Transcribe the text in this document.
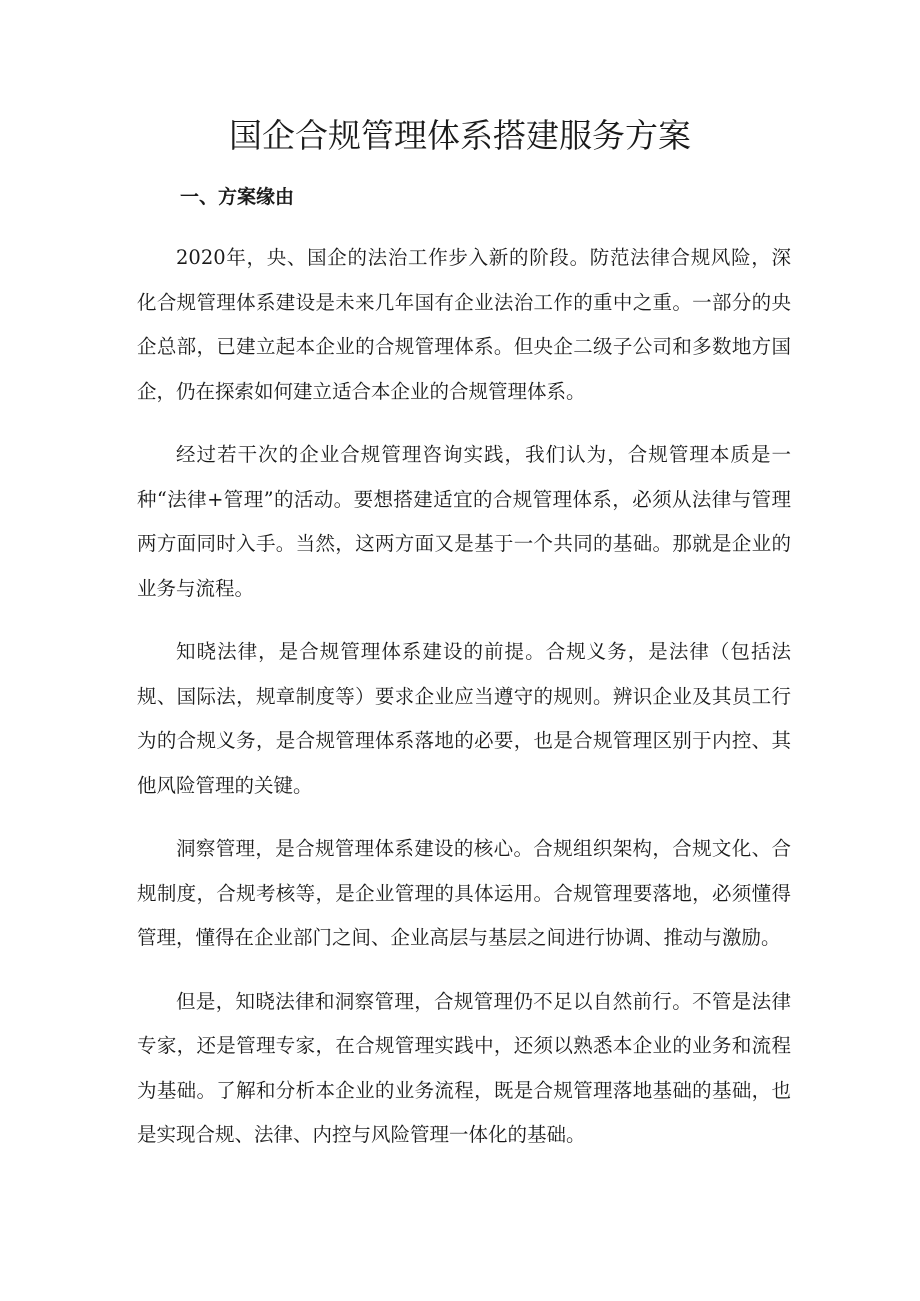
国企合规管理体系搭建服务方案
一、方案缘由

2020年，央、国企的法治工作步入新的阶段。防范法律合规风险，深化合规管理体系建设是未来几年国有企业法治工作的重中之重。一部分的央企总部，已建立起本企业的合规管理体系。但央企二级子公司和多数地方国企，仍在探索如何建立适合本企业的合规管理体系。

经过若干次的企业合规管理咨询实践，我们认为，合规管理本质是一种“法律+管理”的活动。要想搭建适宜的合规管理体系，必须从法律与管理两方面同时入手。当然，这两方面又是基于一个共同的基础。那就是企业的业务与流程。

知晓法律，是合规管理体系建设的前提。合规义务，是法律（包括法规、国际法，规章制度等）要求企业应当遵守的规则。辨识企业及其员工行为的合规义务，是合规管理体系落地的必要，也是合规管理区别于内控、其他风险管理的关键。

洞察管理，是合规管理体系建设的核心。合规组织架构，合规文化、合规制度，合规考核等，是企业管理的具体运用。合规管理要落地，必须懂得管理，懂得在企业部门之间、企业高层与基层之间进行协调、推动与激励。

但是，知晓法律和洞察管理，合规管理仍不足以自然前行。不管是法律专家，还是管理专家，在合规管理实践中，还须以熟悉本企业的业务和流程为基础。了解和分析本企业的业务流程，既是合规管理落地基础的基础，也是实现合规、法律、内控与风险管理一体化的基础。
